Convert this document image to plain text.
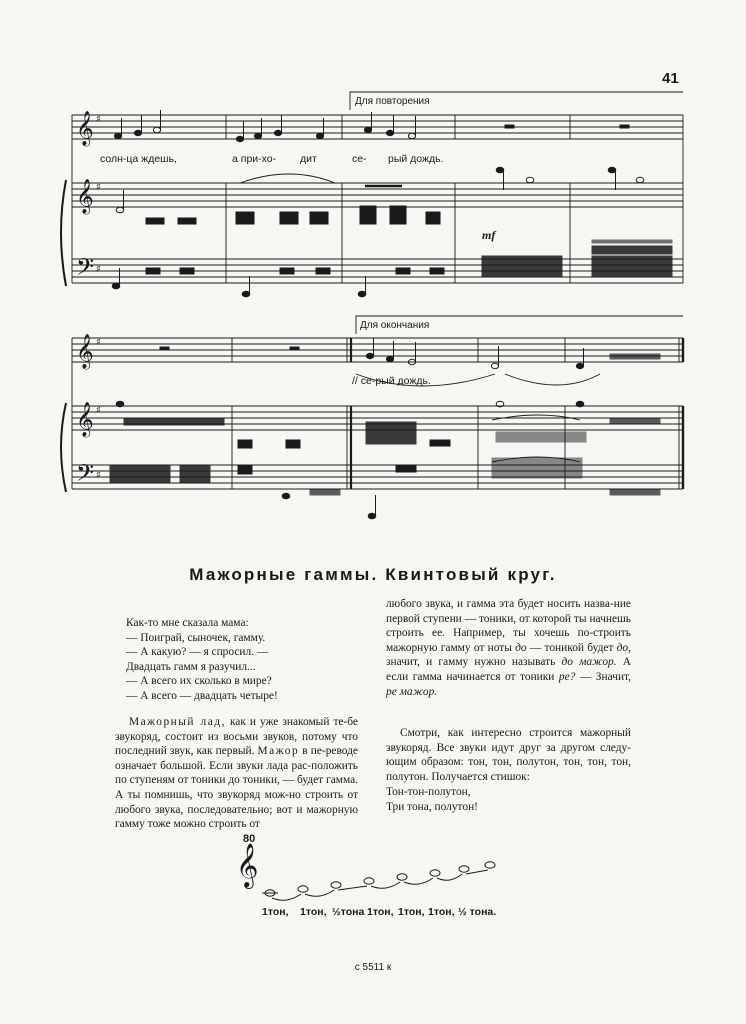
41
Для повторения
Для окончания
солн-ца ждешь,	а при-хо- дит	се- рый дождь.
// се-рый дождь.
mf
𝄞
𝄞
𝄢
𝄞
𝄞
𝄢
♯
♯
♯
♯
♯
♯
𝄞
80
1тон, 1тон, ½тона 1тон, 1тон, 1тон, ½ тона.
Мажорные гаммы. Квинтовый круг.

Как-то мне сказала мама:

— Поиграй, сыночек, гамму.

— А какую? — я спросил. —

Двадцать гамм я разучил...

— А всего их сколько в мире?

— А всего — двадцать четыре!

Мажорный лад, как и уже знакомый те-бе звукоряд, состоит из восьми звуков, потому что последний звук, как первый. Мажор в пе-реводе означает большой. Если звуки лада рас-положить по ступеням от тоники до тоники, — будет гамма. А ты помнишь, что звукоряд мож-но строить от любого звука, последовательно; вот и мажорную гамму тоже можно строить от
любого звука, и гамма эта будет носить назва-ние первой ступени — тоники, от которой ты начнешь строить ее. Например, ты хочешь по-строить мажорную гамму от ноты до — тоникой будет до, значит, и гамму нужно называть до мажор. А если гамма начинается от тоники ре? — Значит, ре мажор.
Смотри, как интересно строится мажорный звукоряд. Все звуки идут друг за другом следу-ющим образом: тон, тон, полутон, тон, тон, тон, полутон. Получается стишок:

Тон-тон-полутон,

Три тона, полутон!

с 5511 к
